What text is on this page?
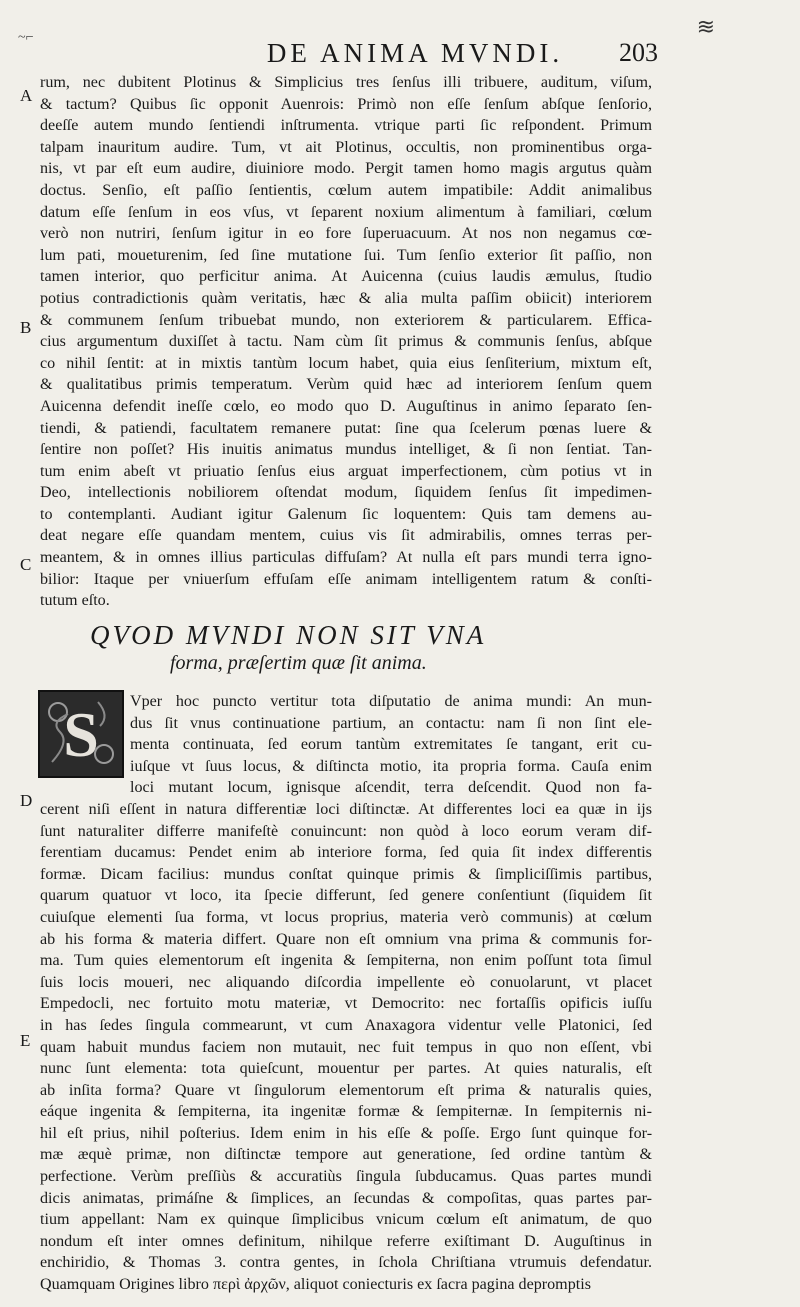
~⌐	≋
DE ANIMA MVNDI.	203
A
B
C
rum, nec dubitent Plotinus & Simplicius tres ſenſus illi tribuere, auditum, viſum,
& tactum? Quibus ſic opponit Auenrois: Primò non eſſe ſenſum abſque ſenſorio,
deeſſe autem mundo ſentiendi inſtrumenta. vtrique parti ſic reſpondent. Primum
talpam inauritum audire. Tum, vt ait Plotinus, occultis, non prominentibus orga-
nis, vt par eſt eum audire, diuiniore modo. Pergit tamen homo magis argutus quàm
doctus. Senſio, eſt paſſio ſentientis, cœlum autem impatibile: Addit animalibus
datum eſſe ſenſum in eos vſus, vt ſeparent noxium alimentum à familiari, cœlum
verò non nutriri, ſenſum igitur in eo fore ſuperuacuum. At nos non negamus cœ-
lum pati, moueturenim, ſed ſine mutatione ſui. Tum ſenſio exterior ſit paſſio, non
tamen interior, quo perficitur anima. At Auicenna (cuius laudis æmulus, ſtudio
potius contradictionis quàm veritatis, hæc & alia multa paſſim obiicit) interiorem
& communem ſenſum tribuebat mundo, non exteriorem & particularem. Effica-
cius argumentum duxiſſet à tactu. Nam cùm ſit primus & communis ſenſus, abſque
co nihil ſentit: at in mixtis tantùm locum habet, quia eius ſenſiterium, mixtum eſt,
& qualitatibus primis temperatum. Verùm quid hæc ad interiorem ſenſum quem
Auicenna defendit ineſſe cœlo, eo modo quo D. Auguſtinus in animo ſeparato ſen-
tiendi, & patiendi, facultatem remanere putat: ſine qua ſcelerum pœnas luere &
ſentire non poſſet? His inuitis animatus mundus intelliget, & ſi non ſentiat. Tan-
tum enim abeſt vt priuatio ſenſus eius arguat imperfectionem, cùm potius vt in
Deo, intellectionis nobiliorem oſtendat modum, ſiquidem ſenſus ſit impedimen-
to contemplanti. Audiant igitur Galenum ſic loquentem: Quis tam demens au-
deat negare eſſe quandam mentem, cuius vis ſit admirabilis, omnes terras per-
meantem, & in omnes illius particulas diffuſam? At nulla eſt pars mundi terra igno-
bilior: Itaque per vniuerſum effuſam eſſe animam intelligentem ratum & conſti-
tutum eſto.
QVOD MVNDI NON SIT VNA
forma, præſertim quæ ſit anima.
S
D
E
Vper hoc puncto vertitur tota diſputatio de anima mundi: An mun-
dus ſit vnus continuatione partium, an contactu: nam ſi non ſint ele-
menta continuata, ſed eorum tantùm extremitates ſe tangant, erit cu-
iuſque vt ſuus locus, & diſtincta motio, ita propria forma. Cauſa enim
loci mutant locum, ignisque aſcendit, terra deſcendit. Quod non fa-
cerent niſi eſſent in natura differentiæ loci diſtinctæ. At differentes loci ea quæ in ijs
ſunt naturaliter differre manifeſtè conuincunt: non quòd à loco eorum veram dif-
ferentiam ducamus: Pendet enim ab interiore forma, ſed quia ſit index differentis
formæ. Dicam facilius: mundus conſtat quinque primis & ſimpliciſſimis partibus,
quarum quatuor vt loco, ita ſpecie differunt, ſed genere conſentiunt (ſiquidem ſit
cuiuſque elementi ſua forma, vt locus proprius, materia verò communis) at cœlum
ab his forma & materia differt. Quare non eſt omnium vna prima & communis for-
ma. Tum quies elementorum eſt ingenita & ſempiterna, non enim poſſunt tota ſimul
ſuis locis moueri, nec aliquando diſcordia impellente eò conuolarunt, vt placet
Empedocli, nec fortuito motu materiæ, vt Democrito: nec fortaſſis opificis iuſſu
in has ſedes ſingula commearunt, vt cum Anaxagora videntur velle Platonici, ſed
quam habuit mundus faciem non mutauit, nec fuit tempus in quo non eſſent, vbi
nunc ſunt elementa: tota quieſcunt, mouentur per partes. At quies naturalis, eſt
ab inſita forma? Quare vt ſingulorum elementorum eſt prima & naturalis quies,
eáque ingenita & ſempiterna, ita ingenitæ formæ & ſempiternæ. In ſempiternis ni-
hil eſt prius, nihil poſterius. Idem enim in his eſſe & poſſe. Ergo ſunt quinque for-
mæ æquè primæ, non diſtinctæ tempore aut generatione, ſed ordine tantùm &
perfectione. Verùm preſſiùs & accuratiùs ſingula ſubducamus. Quas partes mundi
dicis animatas, primáſne & ſimplices, an ſecundas & compoſitas, quas partes par-
tium appellant: Nam ex quinque ſimplicibus vnicum cœlum eſt animatum, de quo
nondum eſt inter omnes definitum, nihilque referre exiſtimant D. Auguſtinus in
enchiridio, & Thomas 3. contra gentes, in ſchola Chriſtiana vtrumuis defendatur.
Quamquam Origines libro περὶ ἀρχῶν, aliquot coniecturis ex ſacra pagina depromptis
